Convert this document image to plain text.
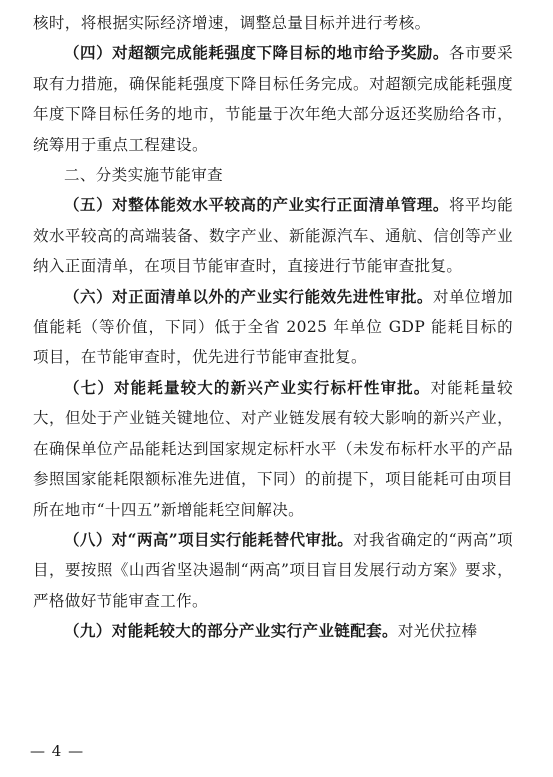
核时，将根据实际经济增速，调整总量目标并进行考核。

（四）对超额完成能耗强度下降目标的地市给予奖励。各市要采取有力措施，确保能耗强度下降目标任务完成。对超额完成能耗强度年度下降目标任务的地市，节能量于次年绝大部分返还奖励给各市，统筹用于重点工程建设。

二、分类实施节能审查

（五）对整体能效水平较高的产业实行正面清单管理。将平均能效水平较高的高端装备、数字产业、新能源汽车、通航、信创等产业纳入正面清单，在项目节能审查时，直接进行节能审查批复。

（六）对正面清单以外的产业实行能效先进性审批。对单位增加值能耗（等价值，下同）低于全省 2025 年单位 GDP 能耗目标的项目，在节能审查时，优先进行节能审查批复。

（七）对能耗量较大的新兴产业实行标杆性审批。对能耗量较大，但处于产业链关键地位、对产业链发展有较大影响的新兴产业，在确保单位产品能耗达到国家规定标杆水平（未发布标杆水平的产品参照国家能耗限额标准先进值，下同）的前提下，项目能耗可由项目所在地市“十四五”新增能耗空间解决。

（八）对“两高”项目实行能耗替代审批。对我省确定的“两高”项目，要按照《山西省坚决遏制“两高”项目盲目发展行动方案》要求，严格做好节能审查工作。

（九）对能耗较大的部分产业实行产业链配套。对光伏拉棒

— 4 —
